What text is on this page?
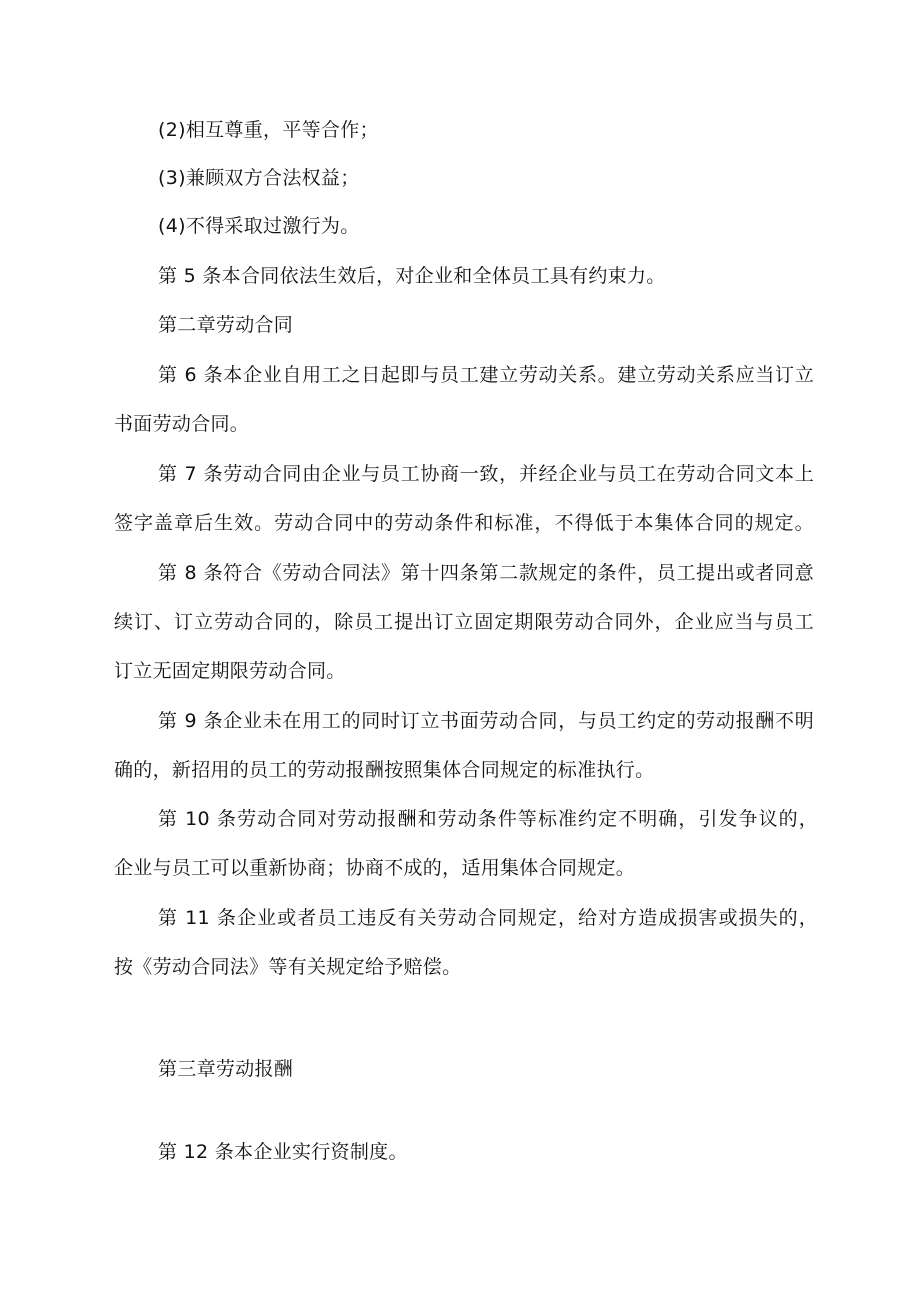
(2)相互尊重，平等合作；
(3)兼顾双方合法权益；
(4)不得采取过激行为。
第 5 条本合同依法生效后，对企业和全体员工具有约束力。
第二章劳动合同
第 6 条本企业自用工之日起即与员工建立劳动关系。建立劳动关系应当订立
书面劳动合同。
第 7 条劳动合同由企业与员工协商一致，并经企业与员工在劳动合同文本上
签字盖章后生效。劳动合同中的劳动条件和标准，不得低于本集体合同的规定。
第 8 条符合《劳动合同法》第十四条第二款规定的条件，员工提出或者同意
续订、订立劳动合同的，除员工提出订立固定期限劳动合同外，企业应当与员工
订立无固定期限劳动合同。
第 9 条企业未在用工的同时订立书面劳动合同，与员工约定的劳动报酬不明
确的，新招用的员工的劳动报酬按照集体合同规定的标准执行。
第 10 条劳动合同对劳动报酬和劳动条件等标准约定不明确，引发争议的，
企业与员工可以重新协商；协商不成的，适用集体合同规定。
第 11 条企业或者员工违反有关劳动合同规定，给对方造成损害或损失的，
按《劳动合同法》等有关规定给予赔偿。
第三章劳动报酬
第 12 条本企业实行资制度。
